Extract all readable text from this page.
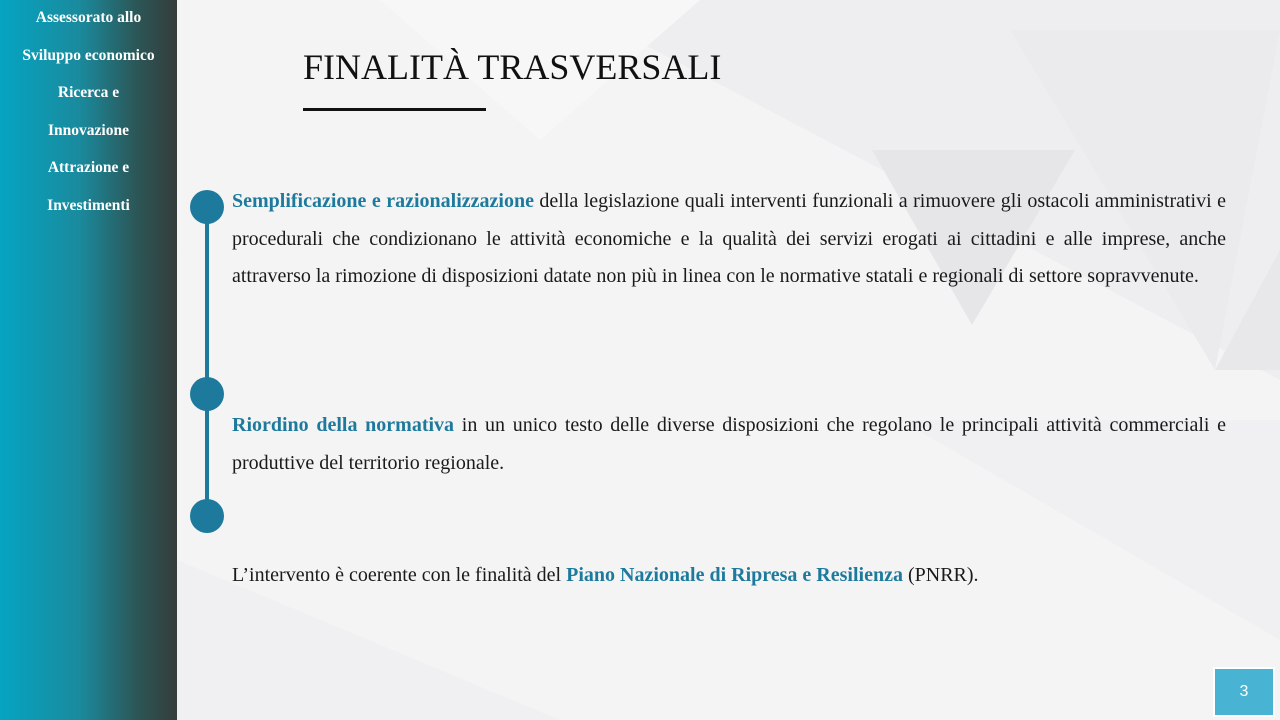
Assessorato allo
Sviluppo economico
Ricerca e
Innovazione
Attrazione e
Investimenti
FINALITÀ TRASVERSALI

Semplificazione e razionalizzazione della legislazione quali interventi funzionali a rimuovere gli ostacoli amministrativi e procedurali che condizionano le attività economiche e la qualità dei servizi erogati ai cittadini e alle imprese, anche attraverso la rimozione di disposizioni datate non più in linea con le normative statali e regionali di settore sopravvenute.

Riordino della normativa in un unico testo delle diverse disposizioni che regolano le principali attività commerciali e produttive del territorio regionale.

L’intervento è coerente con le finalità del Piano Nazionale di Ripresa e Resilienza (PNRR).

3
